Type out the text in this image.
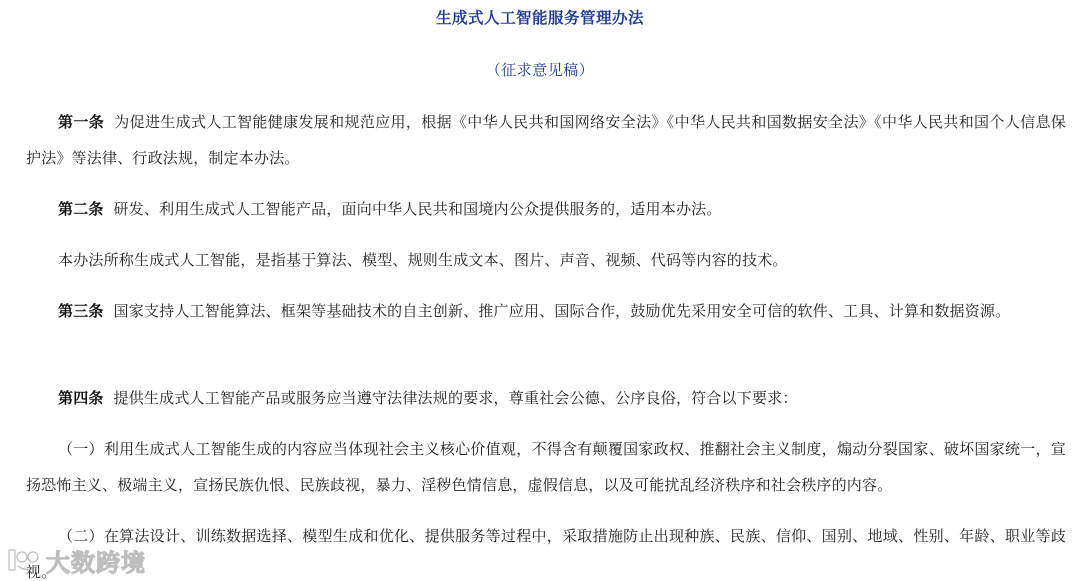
生成式人工智能服务管理办法
（征求意见稿）

第一条 为促进生成式人工智能健康发展和规范应用，根据《中华人民共和国网络安全法》《中华人民共和国数据安全法》《中华人民共和国个人信息保护法》等法律、行政法规，制定本办法。

第二条 研发、利用生成式人工智能产品，面向中华人民共和国境内公众提供服务的，适用本办法。

本办法所称生成式人工智能，是指基于算法、模型、规则生成文本、图片、声音、视频、代码等内容的技术。

第三条 国家支持人工智能算法、框架等基础技术的自主创新、推广应用、国际合作，鼓励优先采用安全可信的软件、工具、计算和数据资源。

第四条 提供生成式人工智能产品或服务应当遵守法律法规的要求，尊重社会公德、公序良俗，符合以下要求：

（一）利用生成式人工智能生成的内容应当体现社会主义核心价值观，不得含有颠覆国家政权、推翻社会主义制度，煽动分裂国家、破坏国家统一，宣扬恐怖主义、极端主义，宣扬民族仇恨、民族歧视，暴力、淫秽色情信息，虚假信息，以及可能扰乱经济秩序和社会秩序的内容。

（二）在算法设计、训练数据选择、模型生成和优化、提供服务等过程中，采取措施防止出现种族、民族、信仰、国别、地域、性别、年龄、职业等歧视。

大数跨境
